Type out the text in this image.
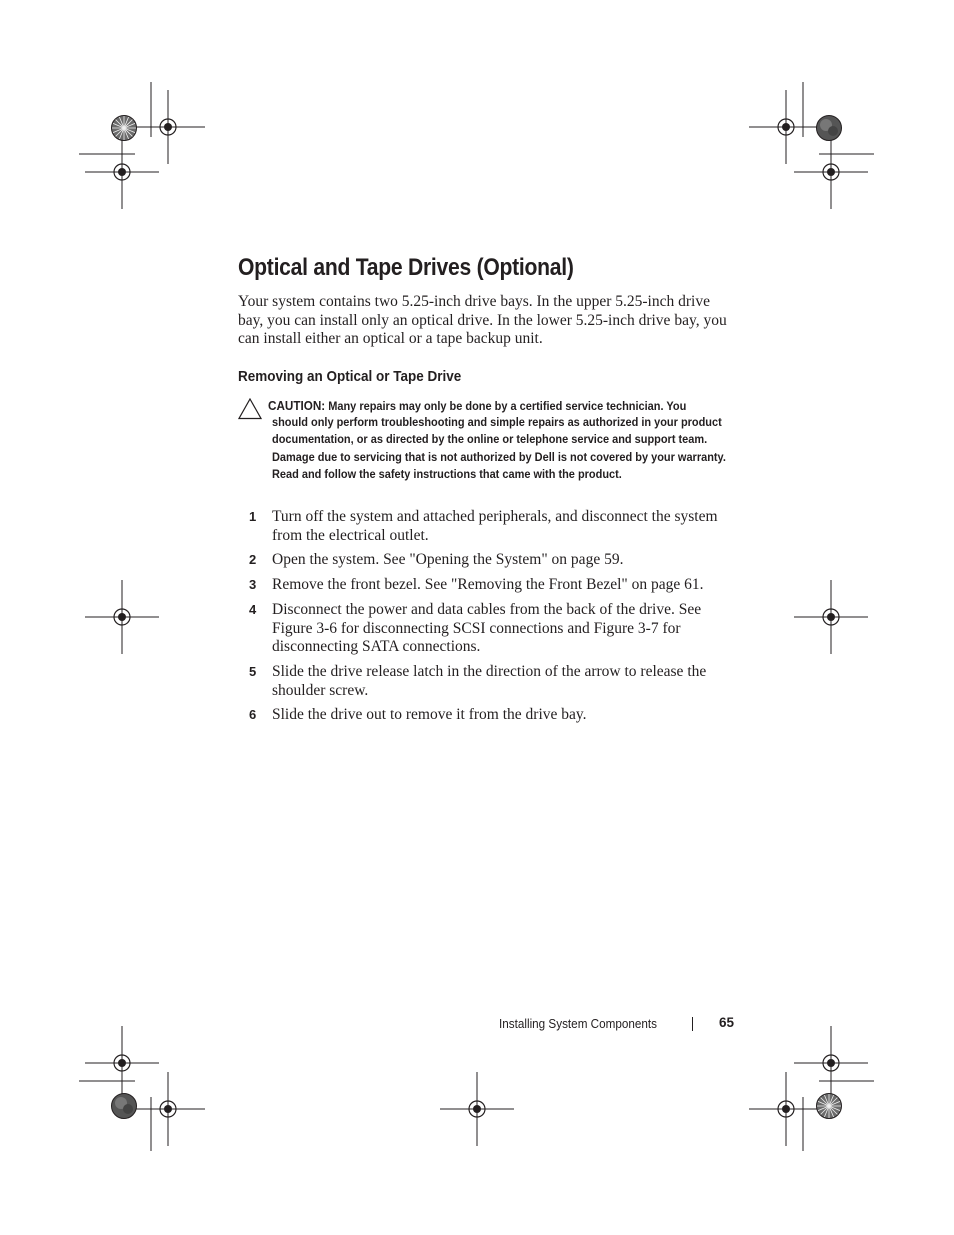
Optical and Tape Drives (Optional)

Your system contains two 5.25-inch drive bays. In the upper 5.25-inch drive bay, you can install only an optical drive. In the lower 5.25-inch drive bay, you can install either an optical or a tape backup unit.

Removing an Optical or Tape Drive
CAUTION: Many repairs may only be done by a certified service technician. You
should only perform troubleshooting and simple repairs as authorized in your product documentation, or as directed by the online or telephone service and support team. Damage due to servicing that is not authorized by Dell is not covered by your warranty. Read and follow the safety instructions that came with the product.
1 Turn off the system and attached peripherals, and disconnect the system from the electrical outlet.
2 Open the system. See "Opening the System" on page 59.
3 Remove the front bezel. See "Removing the Front Bezel" on page 61.
4 Disconnect the power and data cables from the back of the drive. See Figure 3-6 for disconnecting SCSI connections and Figure 3-7 for disconnecting SATA connections.
5 Slide the drive release latch in the direction of the arrow to release the shoulder screw.
6 Slide the drive out to remove it from the drive bay.
Installing System Components	65
